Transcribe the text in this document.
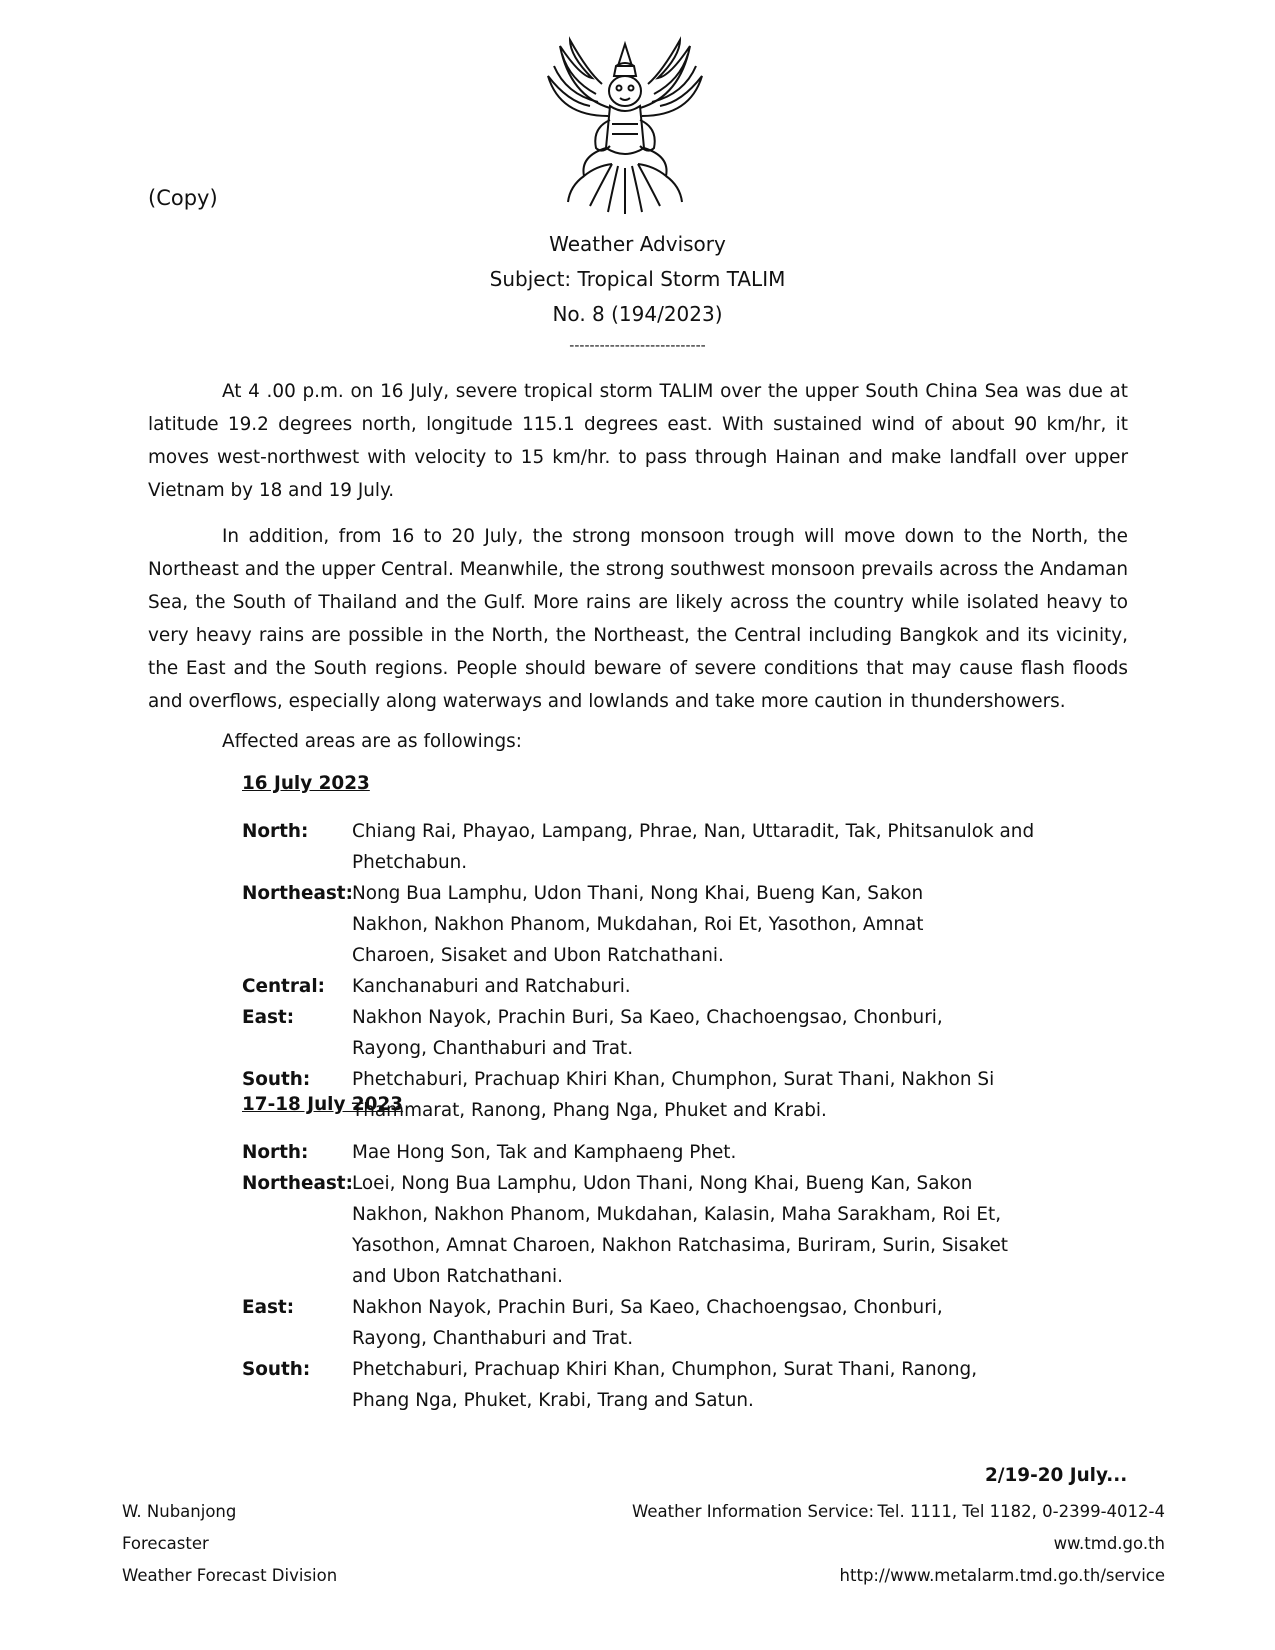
(Copy)
Weather Advisory
Subject: Tropical Storm TALIM
No. 8 (194/2023)
---------------------------

At 4 .00 p.m. on 16 July, severe tropical storm TALIM over the upper South China Sea was due at latitude 19.2 degrees north, longitude 115.1 degrees east. With sustained wind of about 90 km/hr, it moves west-northwest with velocity to 15 km/hr. to pass through Hainan and make landfall over upper Vietnam by 18 and 19 July.

In addition, from 16 to 20 July, the strong monsoon trough will move down to the North, the Northeast and the upper Central. Meanwhile, the strong southwest monsoon prevails across the Andaman Sea, the South of Thailand and the Gulf. More rains are likely across the country while isolated heavy to very heavy rains are possible in the North, the Northeast, the Central including Bangkok and its vicinity, the East and the South regions. People should beware of severe conditions that may cause flash floods and overflows, especially along waterways and lowlands and take more caution in thundershowers.

Affected areas are as followings:
16 July 2023
North:	Chiang Rai, Phayao, Lampang, Phrae, Nan, Uttaradit, Tak, Phitsanulok and Phetchabun.
Northeast: Nong Bua Lamphu, Udon Thani, Nong Khai, Bueng Kan, Sakon Nakhon, Nakhon Phanom, Mukdahan, Roi Et, Yasothon, Amnat Charoen, Sisaket and Ubon Ratchathani.
Central:	Kanchanaburi and Ratchaburi.
East:	Nakhon Nayok, Prachin Buri, Sa Kaeo, Chachoengsao, Chonburi, Rayong, Chanthaburi and Trat.
South:	Phetchaburi, Prachuap Khiri Khan, Chumphon, Surat Thani, Nakhon Si Thammarat, Ranong, Phang Nga, Phuket and Krabi.
17-18 July 2023
North:	Mae Hong Son, Tak and Kamphaeng Phet.
Northeast: Loei, Nong Bua Lamphu, Udon Thani, Nong Khai, Bueng Kan, Sakon Nakhon, Nakhon Phanom, Mukdahan, Kalasin, Maha Sarakham, Roi Et, Yasothon, Amnat Charoen, Nakhon Ratchasima, Buriram, Surin, Sisaket and Ubon Ratchathani.
East:	Nakhon Nayok, Prachin Buri, Sa Kaeo, Chachoengsao, Chonburi, Rayong, Chanthaburi and Trat.
South:	Phetchaburi, Prachuap Khiri Khan, Chumphon, Surat Thani, Ranong, Phang Nga, Phuket, Krabi, Trang and Satun.
2/19-20 July...
W. Nubanjong
Forecaster
Weather Forecast Division
Weather Information Service: Tel. 1111, Tel 1182, 0-2399-4012-4
ww.tmd.go.th
http://www.metalarm.tmd.go.th/service
